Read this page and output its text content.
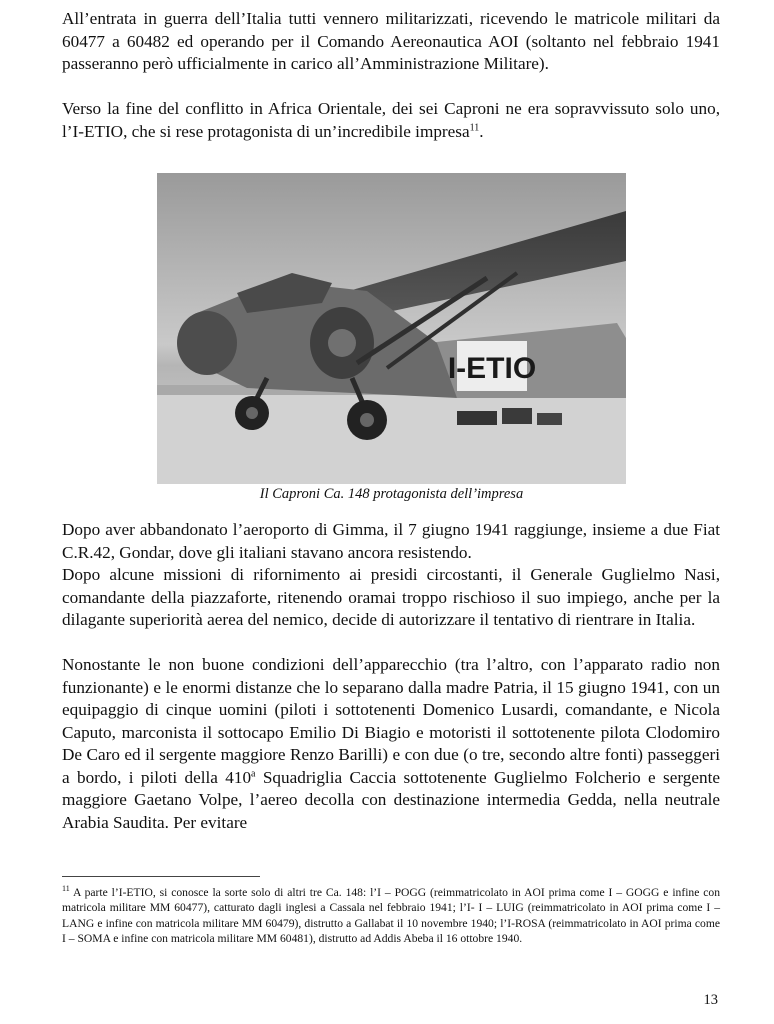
All’entrata in guerra dell’Italia tutti vennero militarizzati, ricevendo le matricole militari da 60477 a 60482 ed operando per il Comando Aereonautica AOI (soltanto nel febbraio 1941 passeranno però ufficialmente in carico all’Amministrazione Militare).

Verso la fine del conflitto in Africa Orientale, dei sei Caproni ne era sopravvissuto solo uno, l’I-ETIO, che si rese protagonista di un’incredibile impresa$^{11}$.

I-ETIO
Il Caproni Ca. 148 protagonista dell’impresa

Dopo aver abbandonato l’aeroporto di Gimma, il 7 giugno 1941 raggiunge, insieme a due Fiat C.R.42, Gondar, dove gli italiani stavano ancora resistendo.

Dopo alcune missioni di rifornimento ai presidi circostanti, il Generale Guglielmo Nasi, comandante della piazzaforte, ritenendo oramai troppo rischioso il suo impiego, anche per la dilagante superiorità aerea del nemico, decide di autorizzare il tentativo di rientrare in Italia.

Nonostante le non buone condizioni dell’apparecchio (tra l’altro, con l’apparato radio non funzionante) e le enormi distanze che lo separano dalla madre Patria, il 15 giugno 1941, con un equipaggio di cinque uomini (piloti i sottotenenti Domenico Lusardi, comandante, e Nicola Caputo, marconista il sottocapo Emilio Di Biagio e motoristi il sottotenente pilota Clodomiro De Caro ed il sergente maggiore Renzo Barilli) e con due (o tre, secondo altre fonti) passeggeri a bordo, i piloti della 410$^a$ Squadriglia Caccia sottotenente Guglielmo Folcherio e sergente maggiore Gaetano Volpe, l’aereo decolla con destinazione intermedia Gedda, nella neutrale Arabia Saudita. Per evitare

$^{11}$ A parte l’I-ETIO, si conosce la sorte solo di altri tre Ca. 148: l’I – POGG (reimmatricolato in AOI prima come I – GOGG e infine con matricola militare MM 60477), catturato dagli inglesi a Cassala nel febbraio 1941; l’I- I – LUIG (reimmatricolato in AOI prima come I – LANG e infine con matricola militare MM 60479), distrutto a Gallabat il 10 novembre 1940; l’I-ROSA (reimmatricolato in AOI prima come I – SOMA e infine con matricola militare MM 60481), distrutto ad Addis Abeba il 16 ottobre 1940.

13
